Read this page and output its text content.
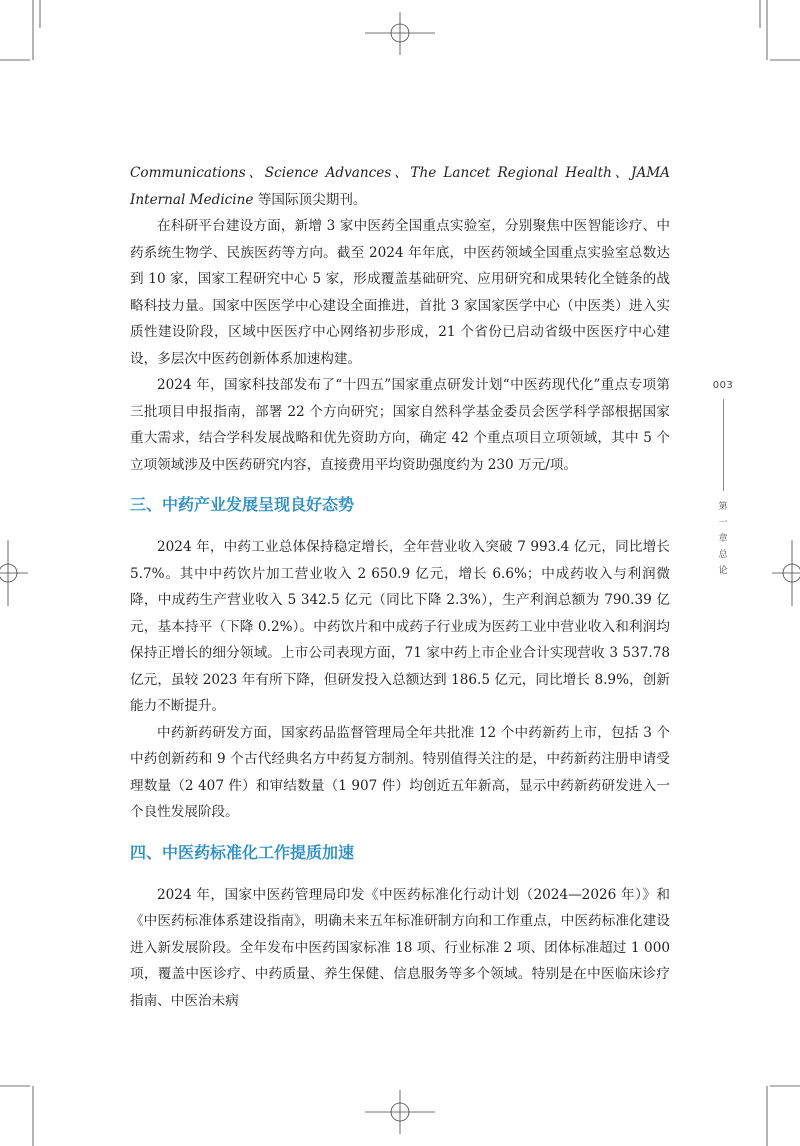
Communications、Science Advances、The Lancet Regional Health、JAMA Internal Medicine 等国际顶尖期刊。

在科研平台建设方面，新增 3 家中医药全国重点实验室，分别聚焦中医智能诊疗、中药系统生物学、民族医药等方向。截至 2024 年年底，中医药领域全国重点实验室总数达到 10 家，国家工程研究中心 5 家，形成覆盖基础研究、应用研究和成果转化全链条的战略科技力量。国家中医医学中心建设全面推进，首批 3 家国家医学中心（中医类）进入实质性建设阶段，区域中医医疗中心网络初步形成，21 个省份已启动省级中医医疗中心建设，多层次中医药创新体系加速构建。

2024 年，国家科技部发布了“十四五”国家重点研发计划“中医药现代化”重点专项第三批项目申报指南，部署 22 个方向研究；国家自然科学基金委员会医学科学部根据国家重大需求，结合学科发展战略和优先资助方向，确定 42 个重点项目立项领域，其中 5 个立项领域涉及中医药研究内容，直接费用平均资助强度约为 230 万元/项。

三、中药产业发展呈现良好态势

2024 年，中药工业总体保持稳定增长，全年营业收入突破 7 993.4 亿元，同比增长 5.7%。其中中药饮片加工营业收入 2 650.9 亿元，增长 6.6%；中成药收入与利润微降，中成药生产营业收入 5 342.5 亿元（同比下降 2.3%），生产利润总额为 790.39 亿元，基本持平（下降 0.2%）。中药饮片和中成药子行业成为医药工业中营业收入和利润均保持正增长的细分领域。上市公司表现方面，71 家中药上市企业合计实现营收 3 537.78 亿元，虽较 2023 年有所下降，但研发投入总额达到 186.5 亿元，同比增长 8.9%，创新能力不断提升。

中药新药研发方面，国家药品监督管理局全年共批准 12 个中药新药上市，包括 3 个中药创新药和 9 个古代经典名方中药复方制剂。特别值得关注的是，中药新药注册申请受理数量（2 407 件）和审结数量（1 907 件）均创近五年新高，显示中药新药研发进入一个良性发展阶段。

四、中医药标准化工作提质加速

2024 年，国家中医药管理局印发《中医药标准化行动计划（2024—2026 年）》和《中医药标准体系建设指南》，明确未来五年标准研制方向和工作重点，中医药标准化建设进入新发展阶段。全年发布中医药国家标准 18 项、行业标准 2 项、团体标准超过 1 000 项，覆盖中医诊疗、中药质量、养生保健、信息服务等多个领域。特别是在中医临床诊疗指南、中医治未病

003
第
一
章
总
论
